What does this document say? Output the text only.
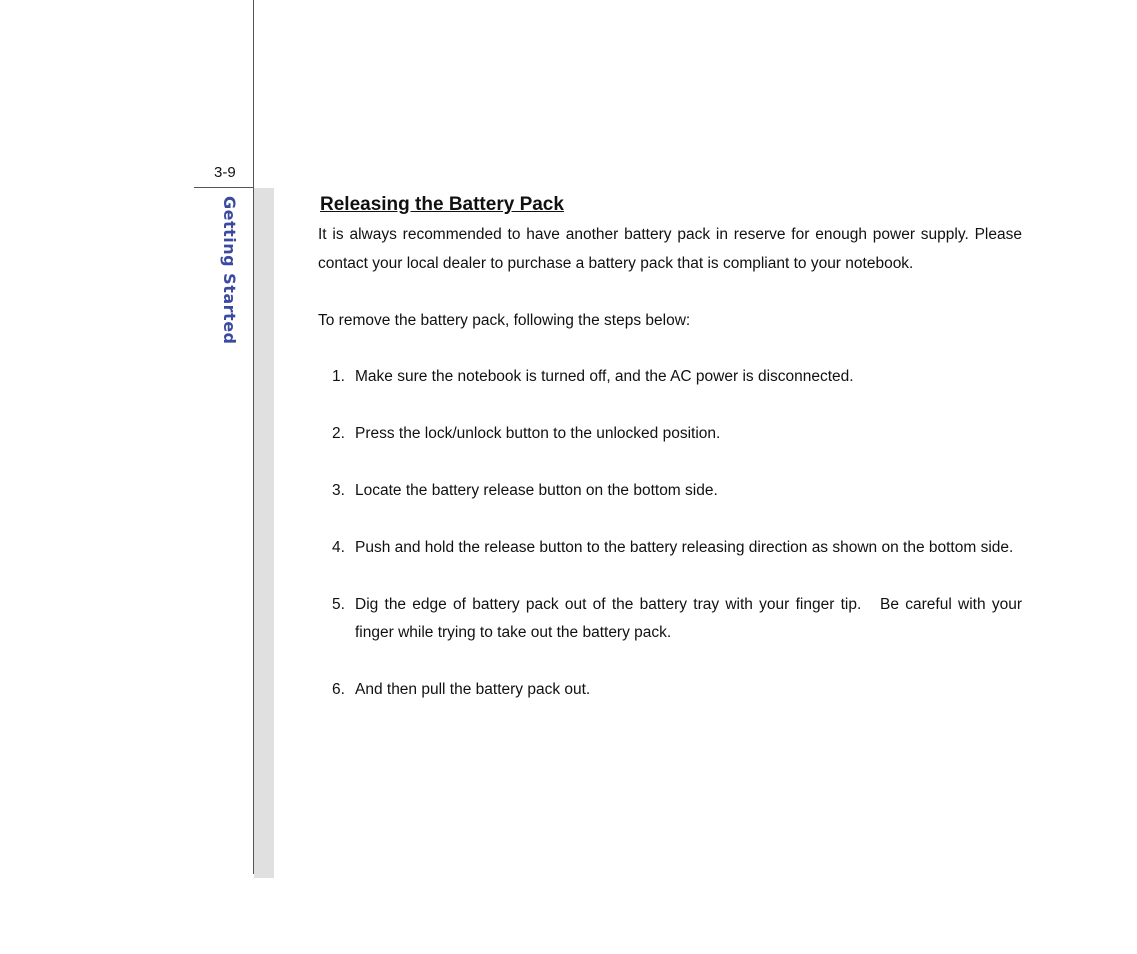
3-9
Getting Started	Releasing the Battery Pack

It is always recommended to have another battery pack in reserve for enough power supply. Please contact your local dealer to purchase a battery pack that is compliant to your notebook.

To remove the battery pack, following the steps below:

1. Make sure the notebook is turned off, and the AC power is disconnected.
2. Press the lock/unlock button to the unlocked position.
3. Locate the battery release button on the bottom side.
4. Push and hold the release button to the battery releasing direction as shown on the bottom side.
5. Dig the edge of battery pack out of the battery tray with your finger tip.   Be careful with your finger while trying to take out the battery pack.
6. And then pull the battery pack out.
